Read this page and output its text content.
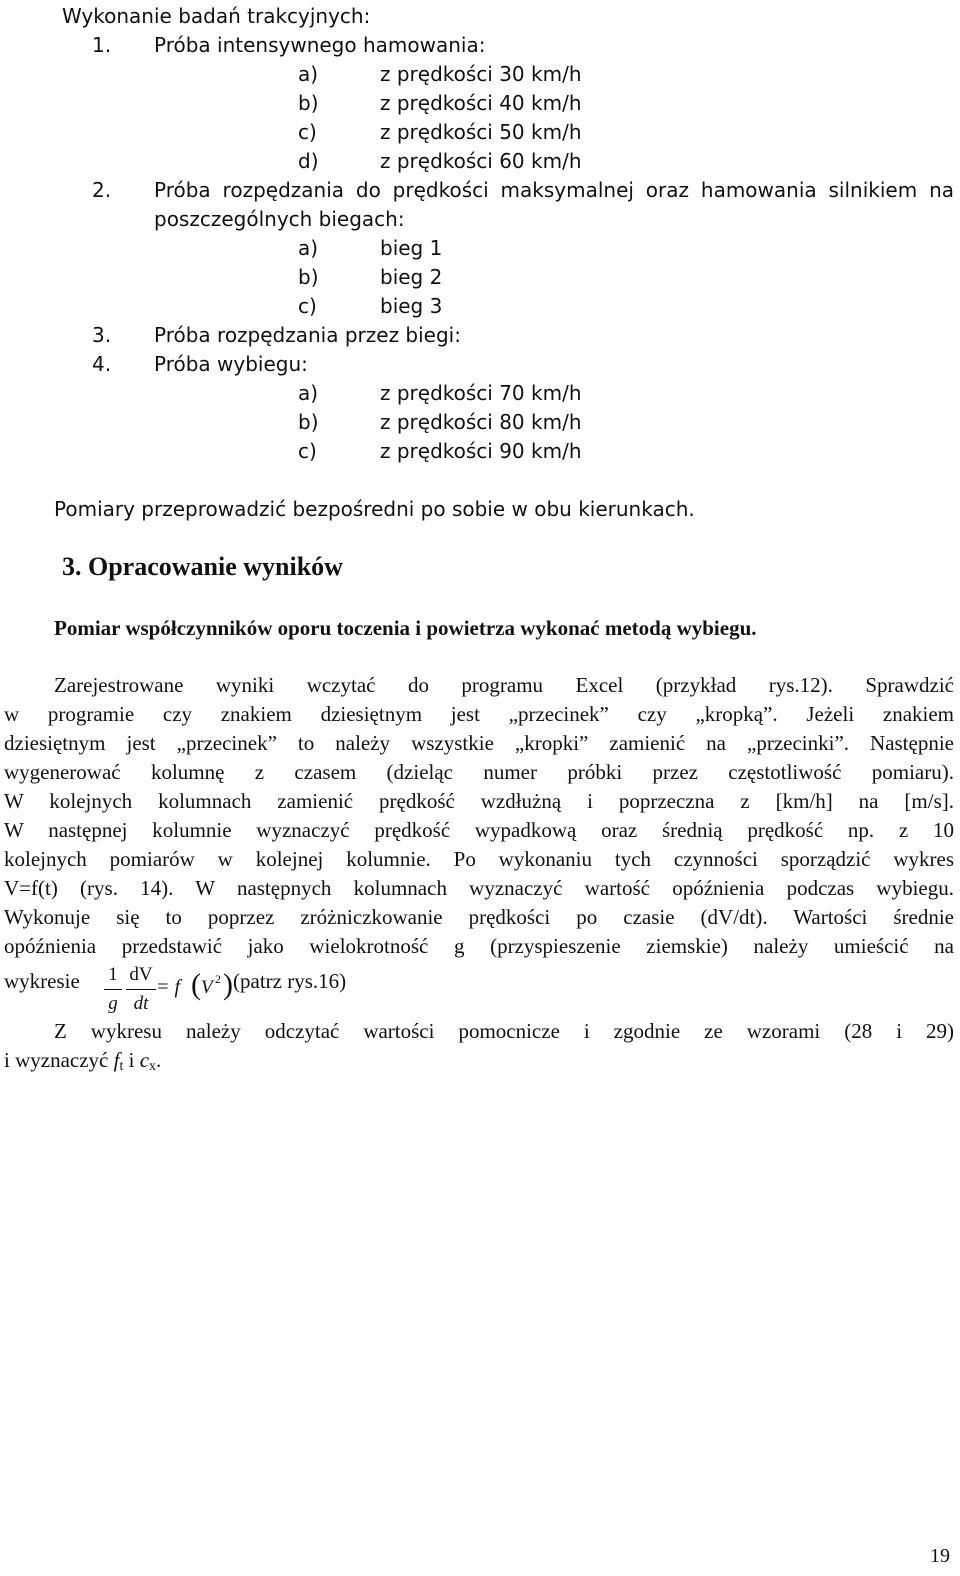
Wykonanie badań trakcyjnych:
1. Próba intensywnego hamowania:
a)	z prędkości 30 km/h
b)	z prędkości 40 km/h
c)	z prędkości 50 km/h
d)	z prędkości 60 km/h
2. Próba rozpędzania do prędkości maksymalnej oraz hamowania silnikiem na
poszczególnych biegach:
a)	bieg 1
b)	bieg 2
c)	bieg 3
3. Próba rozpędzania przez biegi:
4. Próba wybiegu:
a)	z prędkości 70 km/h
b)	z prędkości 80 km/h
c)	z prędkości 90 km/h
Pomiary przeprowadzić bezpośredni po sobie w obu kierunkach.
3. Opracowanie wyników
Pomiar współczynników oporu toczenia i powietrza wykonać metodą wybiegu.
Zarejestrowane wyniki wczytać do programu Excel (przykład rys.12). Sprawdzić
w programie czy znakiem dziesiętnym jest „przecinek” czy „kropką”. Jeżeli znakiem
dziesiętnym jest „przecinek” to należy wszystkie „kropki” zamienić na „przecinki”. Następnie
wygenerować kolumnę z czasem (dzieląc numer próbki przez częstotliwość pomiaru).
W kolejnych kolumnach zamienić prędkość wzdłużną i poprzeczna z [km/h] na [m/s].
W następnej kolumnie wyznaczyć prędkość wypadkową oraz średnią prędkość np. z 10
kolejnych pomiarów w kolejnej kolumnie. Po wykonaniu tych czynności sporządzić wykres
V=f(t) (rys. 14). W następnych kolumnach wyznaczyć wartość opóźnienia podczas wybiegu.
Wykonuje się to poprzez zróżniczkowanie prędkości po czasie (dV/dt). Wartości średnie
opóźnienia przedstawić jako wielokrotność g (przyspieszenie ziemskie) należy umieścić na
wykresie 1
g
dV
dt
= f ( V 2 ) (patrz rys.16)
Z wykresu należy odczytać wartości pomocnicze i zgodnie ze wzorami (28 i 29)
i wyznaczyć $f_t$ i $c_x$.
19
